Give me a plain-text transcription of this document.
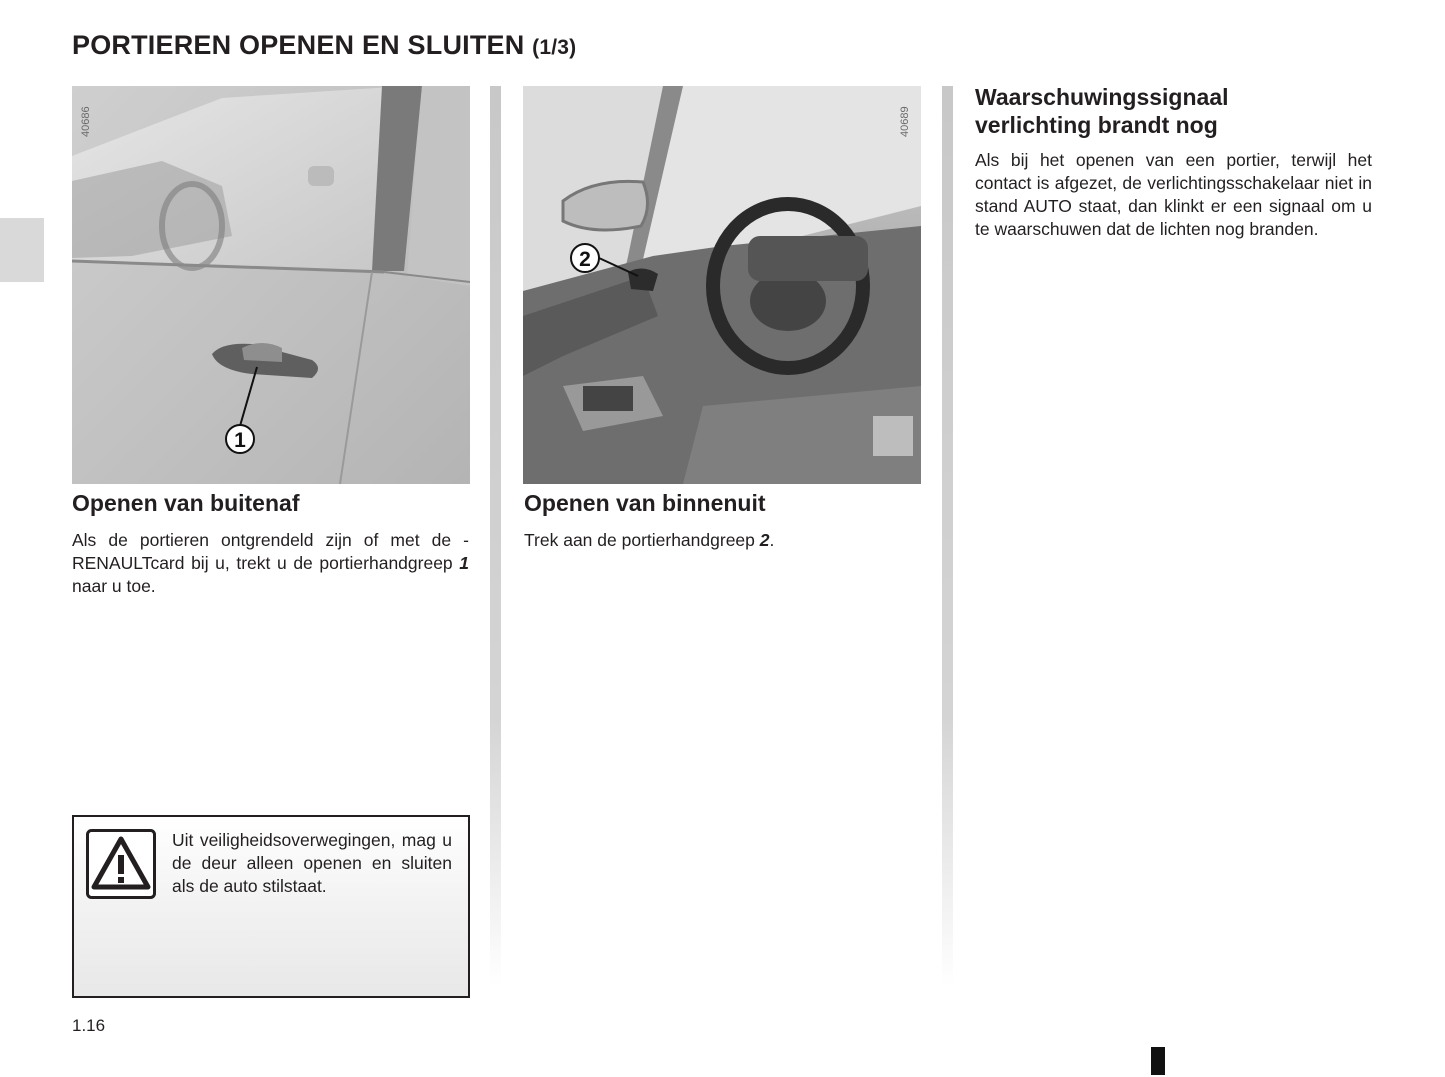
PORTIEREN OPENEN EN SLUITEN (1/3)
1
40686
2
40689
Openen van buitenaf
Als de portieren ontgrendeld zijn of met de -RENAULTcard bij u, trekt u de portierhandgreep 1 naar u toe.
Openen van binnenuit
Trek aan de portierhandgreep 2.
Waarschuwingssignaal
verlichting brandt nog
Als bij het openen van een portier, terwijl het contact is afgezet, de verlichtingsschakelaar niet in stand AUTO staat, dan klinkt er een signaal om u te waarschuwen dat de lichten nog branden.
Uit veiligheidsoverwegingen, mag u de deur alleen openen en sluiten als de auto stilstaat.
1.16
